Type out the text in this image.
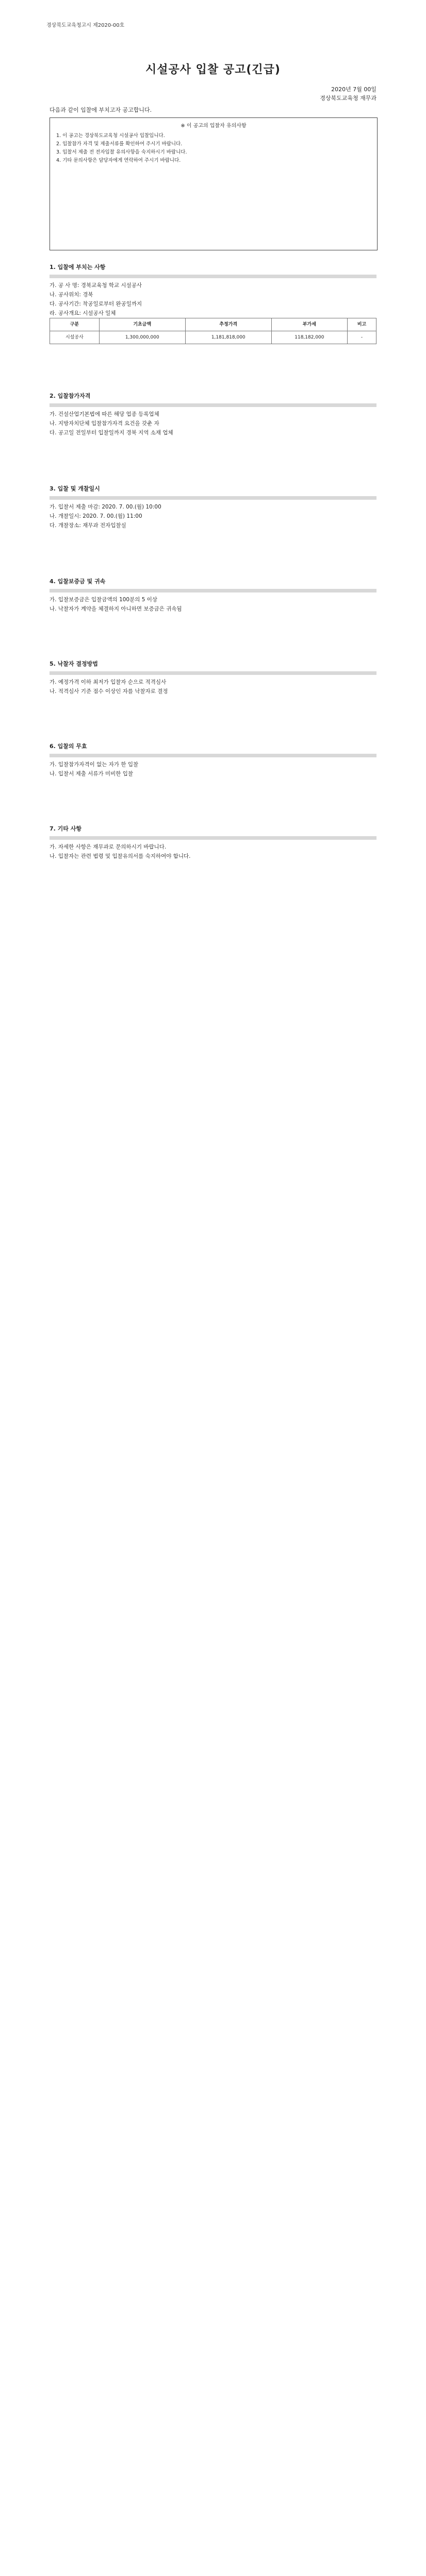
경상북도교육청고시 제2020-00호
시설공사 입찰 공고(긴급)
2020년 7월 00일
경상북도교육청 재무과
다음과 같이 입찰에 부치고자 공고합니다.
※ 이 공고의 입찰자 유의사항
1. 이 공고는 경상북도교육청 시설공사 입찰입니다.
2. 입찰참가 자격 및 제출서류를 확인하여 주시기 바랍니다.
3. 입찰서 제출 전 전자입찰 유의사항을 숙지하시기 바랍니다.
4. 기타 문의사항은 담당자에게 연락하여 주시기 바랍니다.
1. 입찰에 부치는 사항
가. 공 사 명: 경북교육청 학교 시설공사
나. 공사위치: 경북
다. 공사기간: 착공일로부터 완공일까지
라. 공사개요: 시설공사 일체
구분	기초금액	추정가격	부가세	비고
시설공사	1,300,000,000	1,181,818,000	118,182,000	-
2. 입찰참가자격
가. 건설산업기본법에 따른 해당 업종 등록업체
나. 지방자치단체 입찰참가자격 요건을 갖춘 자
다. 공고일 전일부터 입찰일까지 경북 지역 소재 업체
3. 입찰 및 개찰일시
가. 입찰서 제출 마감: 2020. 7. 00.(월) 10:00
나. 개찰일시: 2020. 7. 00.(월) 11:00
다. 개찰장소: 재무과 전자입찰실
4. 입찰보증금 및 귀속
가. 입찰보증금은 입찰금액의 100분의 5 이상
나. 낙찰자가 계약을 체결하지 아니하면 보증금은 귀속됨
5. 낙찰자 결정방법
가. 예정가격 이하 최저가 입찰자 순으로 적격심사
나. 적격심사 기준 점수 이상인 자를 낙찰자로 결정
6. 입찰의 무효
가. 입찰참가자격이 없는 자가 한 입찰
나. 입찰서 제출 서류가 미비한 입찰
7. 기타 사항
가. 자세한 사항은 재무과로 문의하시기 바랍니다.
나. 입찰자는 관련 법령 및 입찰유의서를 숙지하여야 합니다.
